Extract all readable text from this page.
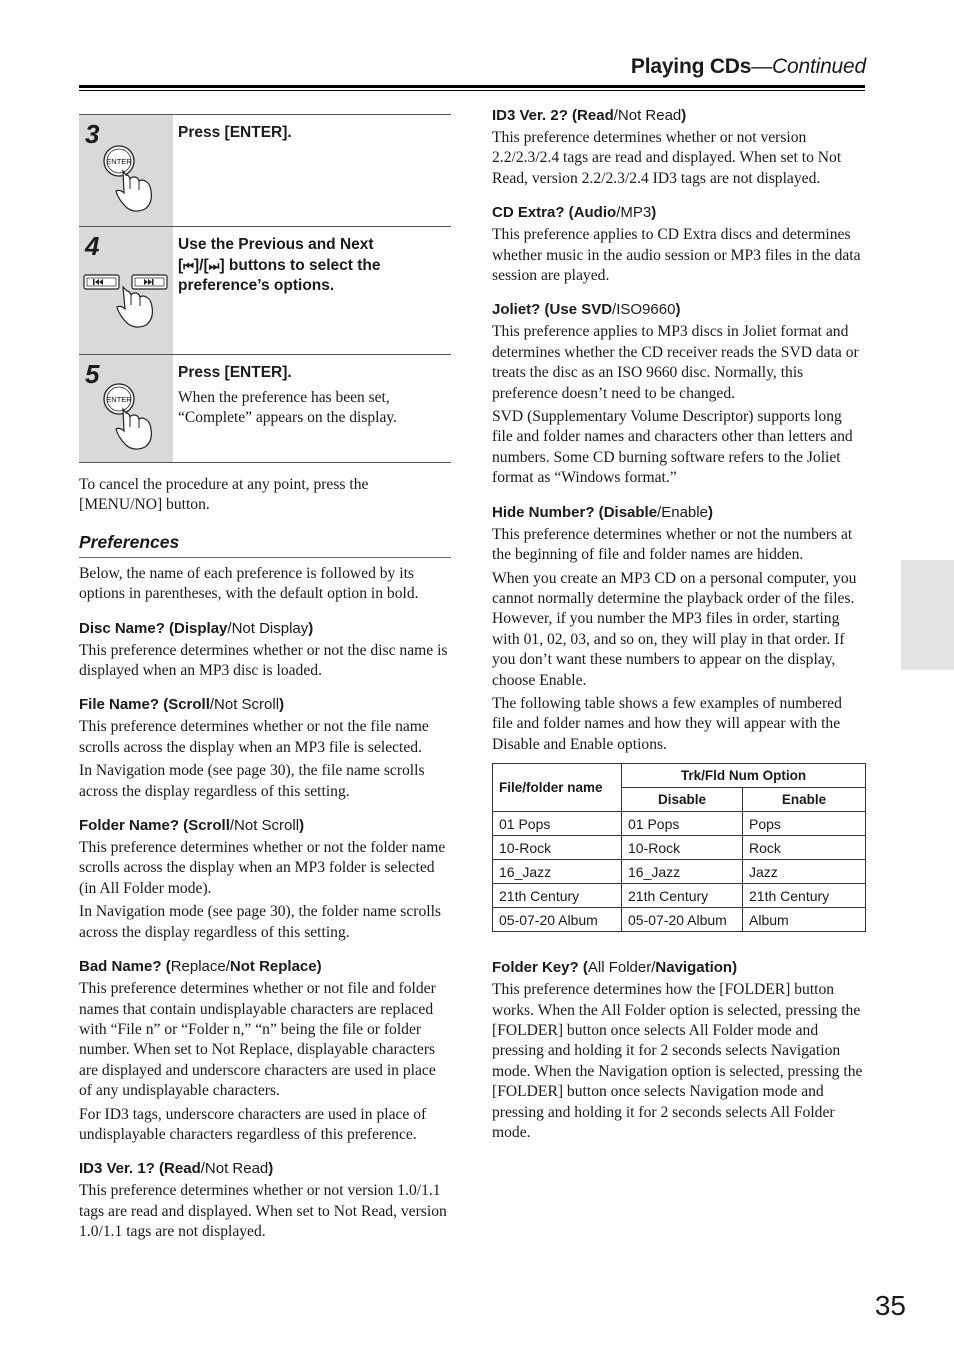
Playing CDs—Continued
3
ENTER
Press [ENTER].
4	Use the Previous and Next
[⏮]/[⏭] buttons to select the
preference’s options.
5
ENTER
Press [ENTER].
When the preference has been set, “Complete” appears on the display.

To cancel the procedure at any point, press the [MENU/NO] button.

Preferences

Below, the name of each preference is followed by its options in parentheses, with the default option in bold.

Disc Name? (Display/Not Display)

This preference determines whether or not the disc name is displayed when an MP3 disc is loaded.

File Name? (Scroll/Not Scroll)

This preference determines whether or not the file name scrolls across the display when an MP3 file is selected.

In Navigation mode (see page 30), the file name scrolls across the display regardless of this setting.

Folder Name? (Scroll/Not Scroll)

This preference determines whether or not the folder name scrolls across the display when an MP3 folder is selected (in All Folder mode).

In Navigation mode (see page 30), the folder name scrolls across the display regardless of this setting.

Bad Name? (Replace/Not Replace)

This preference determines whether or not file and folder names that contain undisplayable characters are replaced with “File n” or “Folder n,” “n” being the file or folder number. When set to Not Replace, displayable characters are displayed and underscore characters are used in place of any undisplayable characters.

For ID3 tags, underscore characters are used in place of undisplayable characters regardless of this preference.

ID3 Ver. 1? (Read/Not Read)

This preference determines whether or not version 1.0/1.1 tags are read and displayed. When set to Not Read, version 1.0/1.1 tags are not displayed.

ID3 Ver. 2? (Read/Not Read)

This preference determines whether or not version 2.2/2.3/2.4 tags are read and displayed. When set to Not Read, version 2.2/2.3/2.4 ID3 tags are not displayed.

CD Extra? (Audio/MP3)

This preference applies to CD Extra discs and determines whether music in the audio session or MP3 files in the data session are played.

Joliet? (Use SVD/ISO9660)

This preference applies to MP3 discs in Joliet format and determines whether the CD receiver reads the SVD data or treats the disc as an ISO 9660 disc. Normally, this preference doesn’t need to be changed.

SVD (Supplementary Volume Descriptor) supports long file and folder names and characters other than letters and numbers. Some CD burning software refers to the Joliet format as “Windows format.”

Hide Number? (Disable/Enable)

This preference determines whether or not the numbers at the beginning of file and folder names are hidden.

When you create an MP3 CD on a personal computer, you cannot normally determine the playback order of the files. However, if you number the MP3 files in order, starting with 01, 02, 03, and so on, they will play in that order. If you don’t want these numbers to appear on the display, choose Enable.

The following table shows a few examples of numbered file and folder names and how they will appear with the Disable and Enable options.

File/folder name	Trk/Fld Num Option	
	Disable	Enable
01 Pops	01 Pops	Pops
10-Rock	10-Rock	Rock
16_Jazz	16_Jazz	Jazz
21th Century	21th Century	21th Century
05-07-20 Album	05-07-20 Album	Album
Folder Key? (All Folder/Navigation)

This preference determines how the [FOLDER] button works. When the All Folder option is selected, pressing the [FOLDER] button once selects All Folder mode and pressing and holding it for 2 seconds selects Navigation mode. When the Navigation option is selected, pressing the [FOLDER] button once selects Navigation mode and pressing and holding it for 2 seconds selects All Folder mode.

35
